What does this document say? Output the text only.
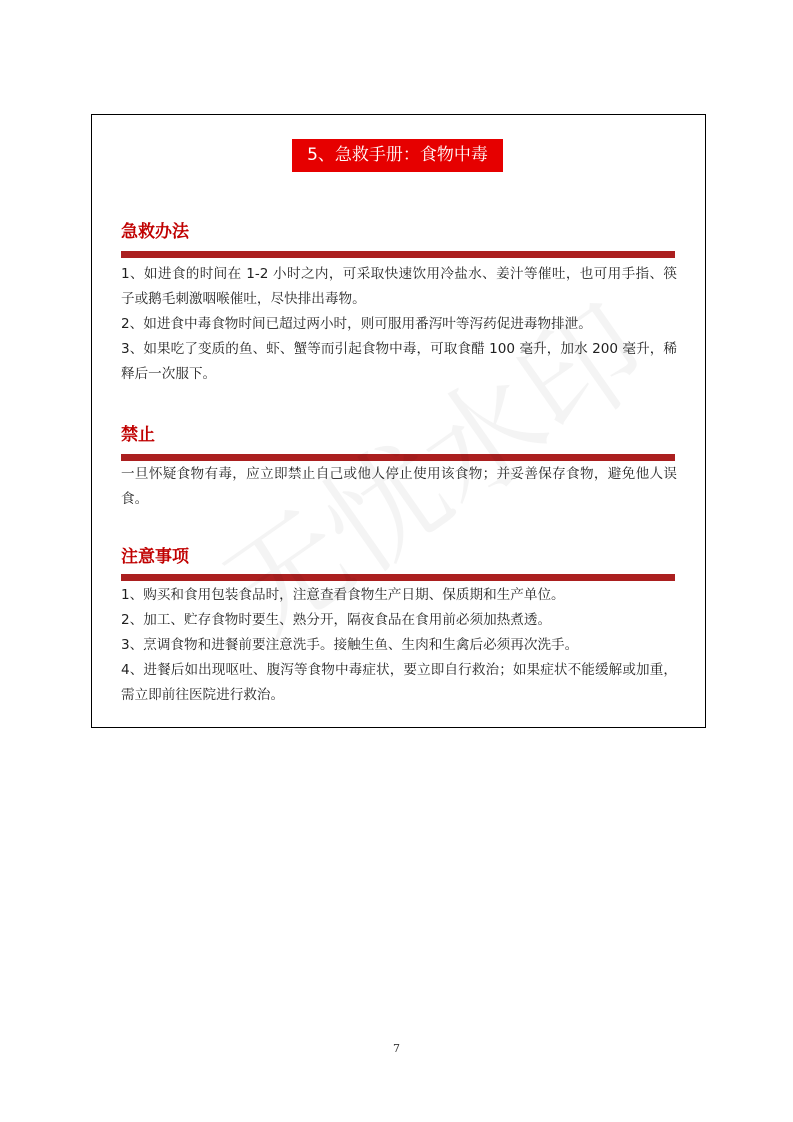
5、急救手册：食物中毒
急救办法

1、如进食的时间在 1-2 小时之内，可采取快速饮用冷盐水、姜汁等催吐，也可用手指、筷子或鹅毛刺激咽喉催吐，尽快排出毒物。

2、如进食中毒食物时间已超过两小时，则可服用番泻叶等泻药促进毒物排泄。

3、如果吃了变质的鱼、虾、蟹等而引起食物中毒，可取食醋 100 毫升，加水 200 毫升，稀释后一次服下。

禁止

一旦怀疑食物有毒，应立即禁止自己或他人停止使用该食物；并妥善保存食物，避免他人误食。

注意事项

1、购买和食用包装食品时，注意查看食物生产日期、保质期和生产单位。

2、加工、贮存食物时要生、熟分开，隔夜食品在食用前必须加热煮透。

3、烹调食物和进餐前要注意洗手。接触生鱼、生肉和生禽后必须再次洗手。

4、进餐后如出现呕吐、腹泻等食物中毒症状，要立即自行救治；如果症状不能缓解或加重，需立即前往医院进行救治。

7
